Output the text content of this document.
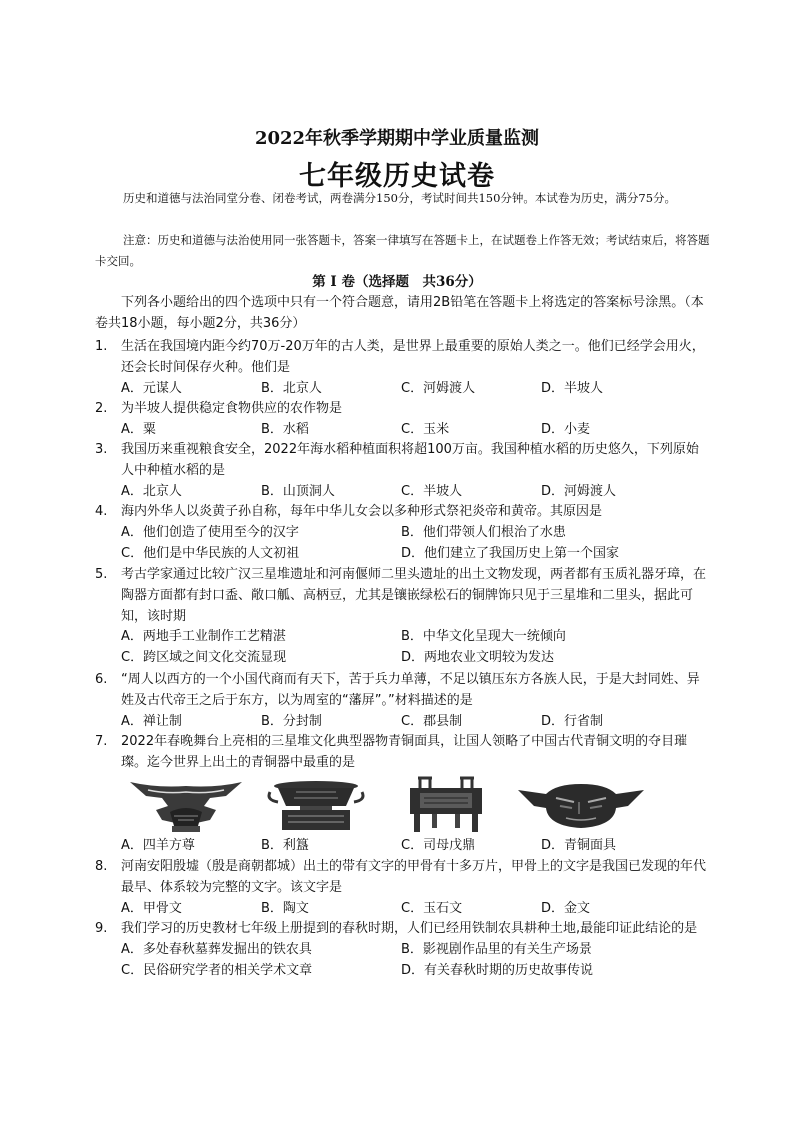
2022年秋季学期期中学业质量监测
七年级历史试卷
历史和道德与法治同堂分卷、闭卷考试，两卷满分150分，考试时间共150分钟。本试卷为历史，满分75分。
注意：历史和道德与法治使用同一张答题卡，答案一律填写在答题卡上，在试题卷上作答无效；考试结束后，将答题卡交回。
第 Ⅰ 卷（选择题　共36分）
下列各小题给出的四个选项中只有一个符合题意，请用2B铅笔在答题卡上将选定的答案标号涂黑。（本卷共18小题，每小题2分，共36分）
1.	生活在我国境内距今约70万-20万年的古人类，是世界上最重要的原始人类之一。他们已经学会用火，还会长时间保存火种。他们是
A．元谋人	B．北京人	C．河姆渡人	D．半坡人
2.	为半坡人提供稳定食物供应的农作物是
A．粟	B．水稻	C．玉米	D．小麦
3.	我国历来重视粮食安全，2022年海水稻种植面积将超100万亩。我国种植水稻的历史悠久，下列原始人中种植水稻的是
A．北京人	B．山顶洞人	C．半坡人	D．河姆渡人
4.	海内外华人以炎黄子孙自称，每年中华儿女会以多种形式祭祀炎帝和黄帝。其原因是
A．他们创造了使用至今的汉字	B．他们带领人们根治了水患
C．他们是中华民族的人文初祖	D．他们建立了我国历史上第一个国家
5.	考古学家通过比较广汉三星堆遗址和河南偃师二里头遗址的出土文物发现，两者都有玉质礼器牙璋，在陶器方面都有封口盉、敞口觚、高柄豆，尤其是镶嵌绿松石的铜牌饰只见于三星堆和二里头，据此可知，该时期
A．两地手工业制作工艺精湛	B．中华文化呈现大一统倾向
C．跨区域之间文化交流显现	D．两地农业文明较为发达
6.	“周人以西方的一个小国代商而有天下，苦于兵力单薄，不足以镇压东方各族人民，于是大封同姓、异姓及古代帝王之后于东方，以为周室的“藩屏”。”材料描述的是
A．禅让制	B．分封制	C．郡县制	D．行省制
7.	2022年春晚舞台上亮相的三星堆文化典型器物青铜面具，让国人领略了中国古代青铜文明的夺目璀璨。迄今世界上出土的青铜器中最重的是
A．四羊方尊	B．利簋	C．司母戊鼎	D．青铜面具
8.	河南安阳殷墟（殷是商朝都城）出土的带有文字的甲骨有十多万片，甲骨上的文字是我国已发现的年代最早、体系较为完整的文字。该文字是
A．甲骨文	B．陶文	C．玉石文	D．金文
9.	我们学习的历史教材七年级上册提到的春秋时期，人们已经用铁制农具耕种土地,最能印证此结论的是
A．多处春秋墓葬发掘出的铁农具	B．影视剧作品里的有关生产场景
C．民俗研究学者的相关学术文章	D．有关春秋时期的历史故事传说
